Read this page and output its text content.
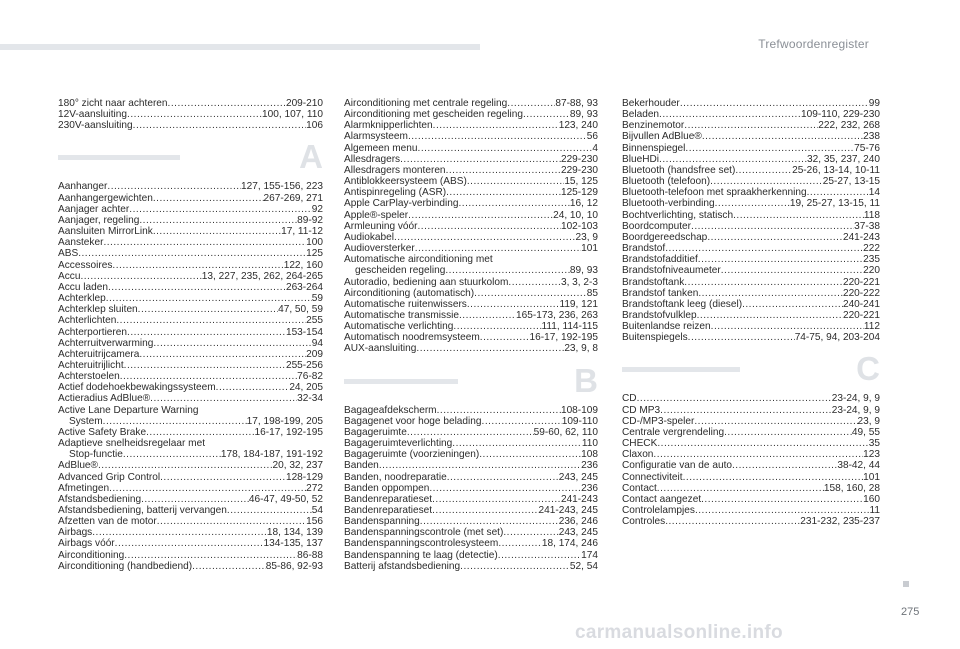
Trefwoordenregister
180° zicht naar achteren .....	209-210
12V-aansluiting .....	100, 107, 110
230V-aansluiting .....	106
A
Aanhanger .....	127, 155-156, 223
Aanhangergewichten .....	267-269, 271
Aanjager achter .....	92
Aanjager, regeling .....	89-92
Aansluiten MirrorLink .....	17, 11-12
Aansteker .....	100
ABS .....	125
Accessoires .....	122, 160
Accu .....	13, 227, 235, 262, 264-265
Accu laden .....	263-264
Achterklep .....	59
Achterklep sluiten .....	47, 50, 59
Achterlichten .....	255
Achterportieren .....	153-154
Achterruitverwarming .....	94
Achteruitrijcamera .....	209
Achteruitrijlicht .....	255-256
Achterstoelen .....	76-82
Actief dodehoekbewakingssysteem .....	24, 205
Actieradius AdBlue® .....	32-34
Active Lane Departure Warning
System .....	17, 198-199, 205
Active Safety Brake .....	16-17, 192-195
Adaptieve snelheidsregelaar met
Stop-functie .....	178, 184-187, 191-192
AdBlue® .....	20, 32, 237
Advanced Grip Control .....	128-129
Afmetingen .....	272
Afstandsbediening .....	46-47, 49-50, 52
Afstandsbediening, batterij vervangen .....	54
Afzetten van de motor .....	156
Airbags .....	18, 134, 139
Airbags vóór .....	134-135, 137
Airconditioning .....	86-88
Airconditioning (handbediend) .....	85-86, 92-93
Airconditioning met centrale regeling .....	87-88, 93
Airconditioning met gescheiden regeling .....	89, 93
Alarmknipperlichten .....	123, 240
Alarmsysteem .....	56
Algemeen menu .....	4
Allesdragers .....	229-230
Allesdragers monteren .....	229-230
Antiblokkeersysteem (ABS) .....	15, 125
Antispinregeling (ASR) .....	125-129
Apple CarPlay-verbinding .....	16, 12
Apple®-speler .....	24, 10, 10
Armleuning vóór .....	102-103
Audiokabel .....	23, 9
Audioversterker .....	101
Automatische airconditioning met
gescheiden regeling .....	89, 93
Autoradio, bediening aan stuurkolom .....	3, 3, 2-3
Airconditioning (automatisch) .....	85
Automatische ruitenwissers .....	119, 121
Automatische transmissie .....	165-173, 236, 263
Automatische verlichting .....	111, 114-115
Automatisch noodremsysteem .....	16-17, 192-195
AUX-aansluiting .....	23, 9, 8
B
Bagageafdekscherm .....	108-109
Bagagenet voor hoge belading .....	109-110
Bagageruimte .....	59-60, 62, 110
Bagageruimteverlichting .....	110
Bagageruimte (voorzieningen) .....	108
Banden .....	236
Banden, noodreparatie .....	243, 245
Banden oppompen .....	236
Bandenreparatieset .....	241-243
Bandenreparatieset .....	241-243, 245
Bandenspanning .....	236, 246
Bandenspanningscontrole (met set) .....	243, 245
Bandenspanningscontrolesysteem .....	18, 174, 246
Bandenspanning te laag (detectie) .....	174
Batterij afstandsbediening .....	52, 54
Bekerhouder .....	99
Beladen .....	109-110, 229-230
Benzinemotor .....	222, 232, 268
Bijvullen AdBlue® .....	238
Binnenspiegel .....	75-76
BlueHDi .....	32, 35, 237, 240
Bluetooth (handsfree set) .....	25-26, 13-14, 10-11
Bluetooth (telefoon) .....	25-27, 13-15
Bluetooth-telefoon met spraakherkenning .....	14
Bluetooth-verbinding .....	19, 25-27, 13-15, 11
Bochtverlichting, statisch .....	118
Boordcomputer .....	37-38
Boordgereedschap .....	241-243
Brandstof .....	222
Brandstofadditief .....	235
Brandstofniveaumeter .....	220
Brandstoftank .....	220-221
Brandstof tanken .....	220-222
Brandstoftank leeg (diesel) .....	240-241
Brandstofvulklep .....	220-221
Buitenlandse reizen .....	112
Buitenspiegels .....	74-75, 94, 203-204
C
CD .....	23-24, 9, 9
CD MP3 .....	23-24, 9, 9
CD-/MP3-speler .....	23, 9
Centrale vergrendeling .....	49, 55
CHECK .....	35
Claxon .....	123
Configuratie van de auto .....	38-42, 44
Connectiviteit .....	101
Contact .....	158, 160, 28
Contact aangezet .....	160
Controlelampjes .....	11
Controles .....	231-232, 235-237
275
carmanualsonline.info
